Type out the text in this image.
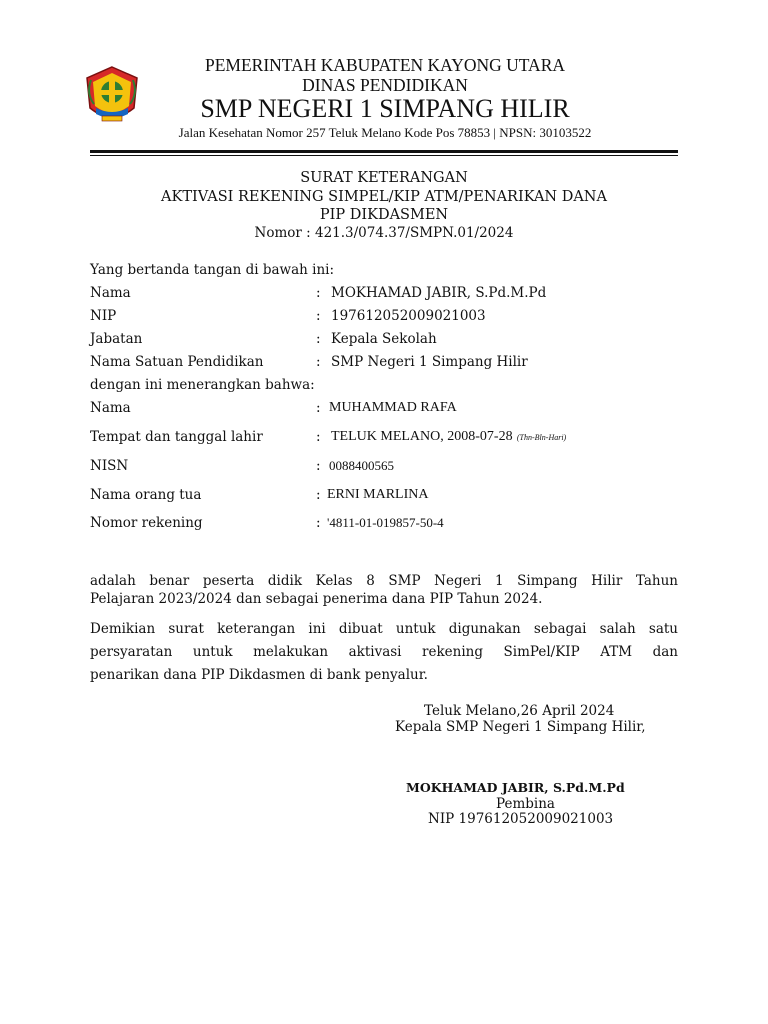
PEMERINTAH KABUPATEN KAYONG UTARA
DINAS PENDIDIKAN
SMP NEGERI 1 SIMPANG HILIR
Jalan Kesehatan Nomor 257 Teluk Melano Kode Pos 78853 | NPSN: 30103522
SURAT KETERANGAN
AKTIVASI REKENING SIMPEL/KIP ATM/PENARIKAN DANA
PIP DIKDASMEN
Nomor : 421.3/074.37/SMPN.01/2024
Yang bertanda tangan di bawah ini:
Nama	: MOKHAMAD JABIR, S.Pd.M.Pd
NIP	: 197612052009021003
Jabatan	: Kepala Sekolah
Nama Satuan Pendidikan	: SMP Negeri 1 Simpang Hilir
dengan ini menerangkan bahwa:
Nama	: MUHAMMAD RAFA
Tempat dan tanggal lahir	: TELUK MELANO, 2008-07-28 (Thn-Bln-Hari)
NISN	: 0088400565
Nama orang tua	: ERNI MARLINA
Nomor rekening	: '4811-01-019857-50-4
adalah benar peserta didik Kelas 8 SMP Negeri 1 Simpang Hilir Tahun
Pelajaran 2023/2024 dan sebagai penerima dana PIP Tahun 2024.
Demikian surat keterangan ini dibuat untuk digunakan sebagai salah satu
persyaratan untuk melakukan aktivasi rekening SimPel/KIP ATM dan
penarikan dana PIP Dikdasmen di bank penyalur.
Teluk Melano,26 April 2024
Kepala SMP Negeri 1 Simpang Hilir,
MOKHAMAD JABIR, S.Pd.M.Pd
Pembina
NIP 197612052009021003
